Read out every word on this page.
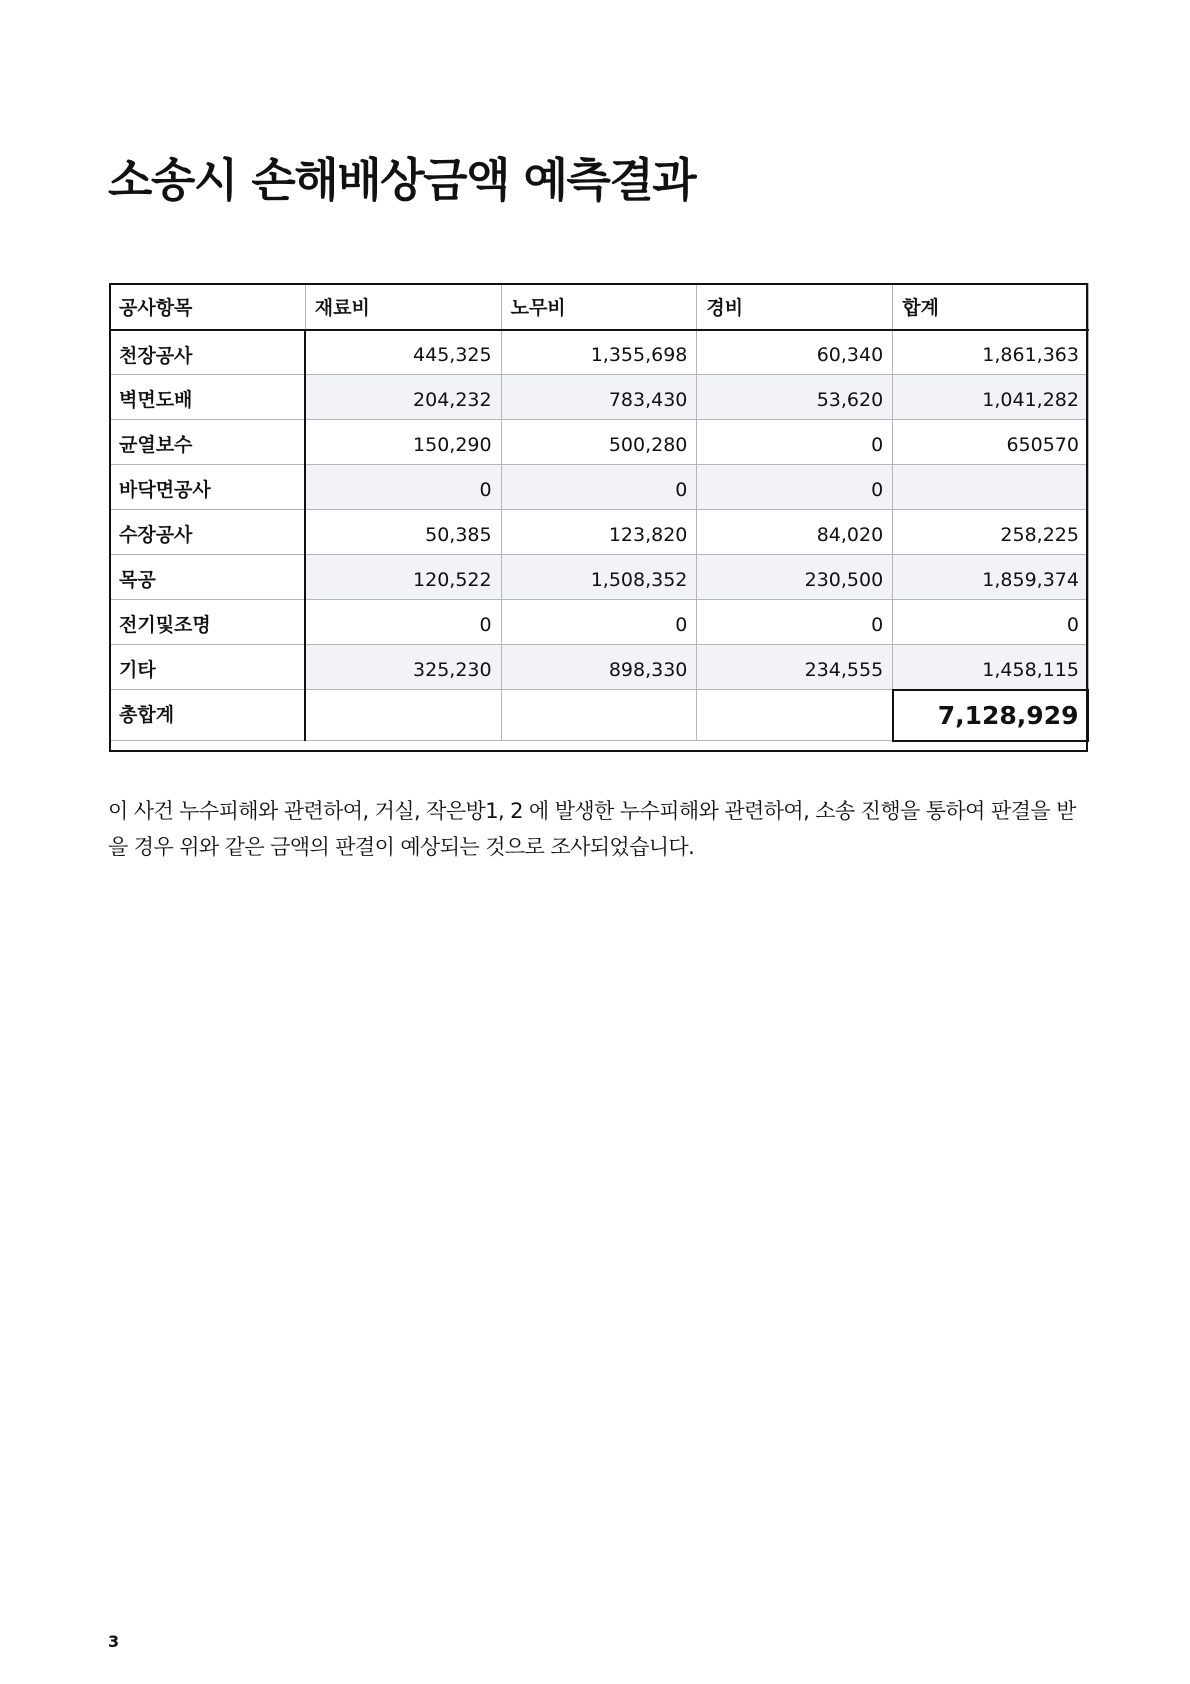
소송시 손해배상금액 예측결과
공사항목	재료비	노무비	경비	합계
천장공사	445,325	1,355,698	60,340	1,861,363
벽면도배	204,232	783,430	53,620	1,041,282
균열보수	150,290	500,280	0	650570
바닥면공사	0	0	0	
수장공사	50,385	123,820	84,020	258,225
목공	120,522	1,508,352	230,500	1,859,374
전기및조명	0	0	0	0
기타	325,230	898,330	234,555	1,458,115
총합계				7,128,929

이 사건 누수피해와 관련하여, 거실, 작은방1, 2 에 발생한 누수피해와 관련하여, 소송 진행을 통하여 판결을 받을 경우 위와 같은 금액의 판결이 예상되는 것으로 조사되었습니다.

3
